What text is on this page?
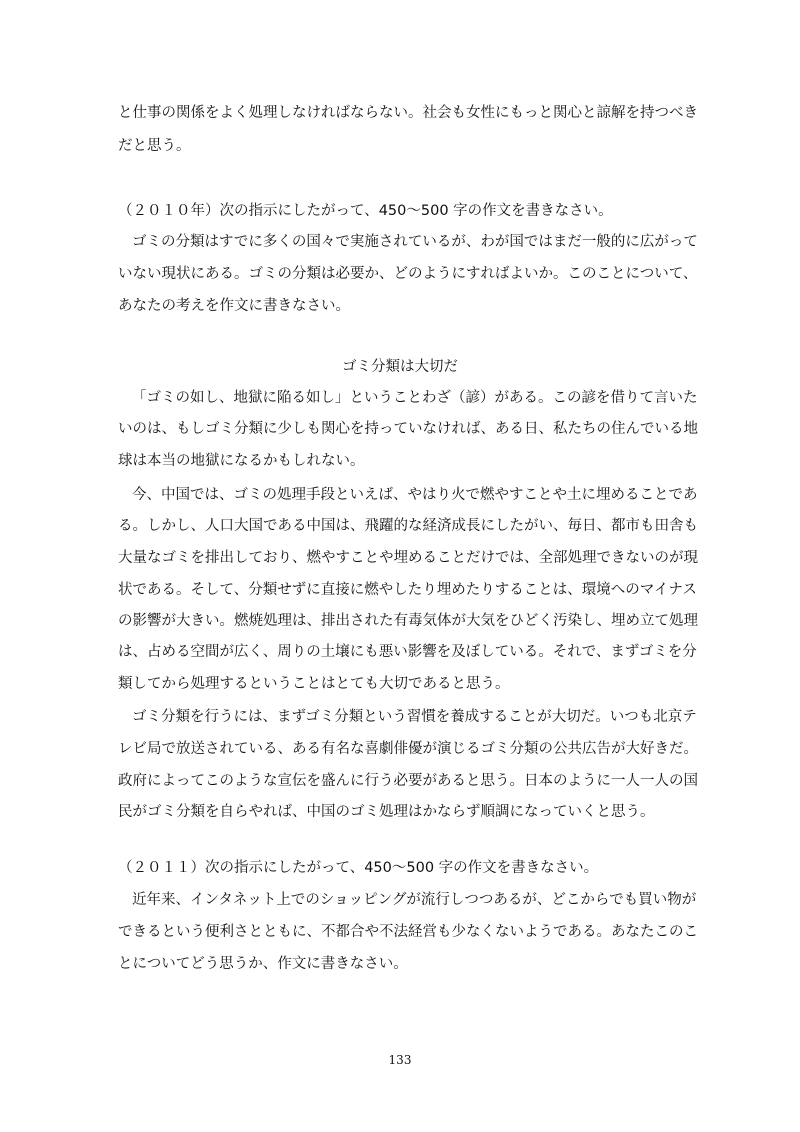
と仕事の関係をよく処理しなければならない。社会も女性にもっと関心と諒解を持つべき
だと思う。
（２０１０年）次の指示にしたがって、450～500 字の作文を書きなさい。
ゴミの分類はすでに多くの国々で実施されているが、わが国ではまだ一般的に広がって
いない現状にある。ゴミの分類は必要か、どのようにすればよいか。このことについて、
あなたの考えを作文に書きなさい。
ゴミ分類は大切だ
「ゴミの如し、地獄に陥る如し」ということわざ（諺）がある。この諺を借りて言いた
いのは、もしゴミ分類に少しも関心を持っていなければ、ある日、私たちの住んでいる地
球は本当の地獄になるかもしれない。
今、中国では、ゴミの処理手段といえば、やはり火で燃やすことや土に埋めることであ
る。しかし、人口大国である中国は、飛躍的な経済成長にしたがい、毎日、都市も田舎も
大量なゴミを排出しており、燃やすことや埋めることだけでは、全部処理できないのが現
状である。そして、分類せずに直接に燃やしたり埋めたりすることは、環境へのマイナス
の影響が大きい。燃焼処理は、排出された有毒気体が大気をひどく汚染し、埋め立て処理
は、占める空間が広く、周りの土壌にも悪い影響を及ぼしている。それで、まずゴミを分
類してから処理するということはとても大切であると思う。
ゴミ分類を行うには、まずゴミ分類という習慣を養成することが大切だ。いつも北京テ
レビ局で放送されている、ある有名な喜劇俳優が演じるゴミ分類の公共広告が大好きだ。
政府によってこのような宣伝を盛んに行う必要があると思う。日本のように一人一人の国
民がゴミ分類を自らやれば、中国のゴミ処理はかならず順調になっていくと思う。
（２０１１）次の指示にしたがって、450～500 字の作文を書きなさい。
近年来、インタネット上でのショッピングが流行しつつあるが、どこからでも買い物が
できるという便利さとともに、不都合や不法経営も少なくないようである。あなたこのこ
とについてどう思うか、作文に書きなさい。
133
